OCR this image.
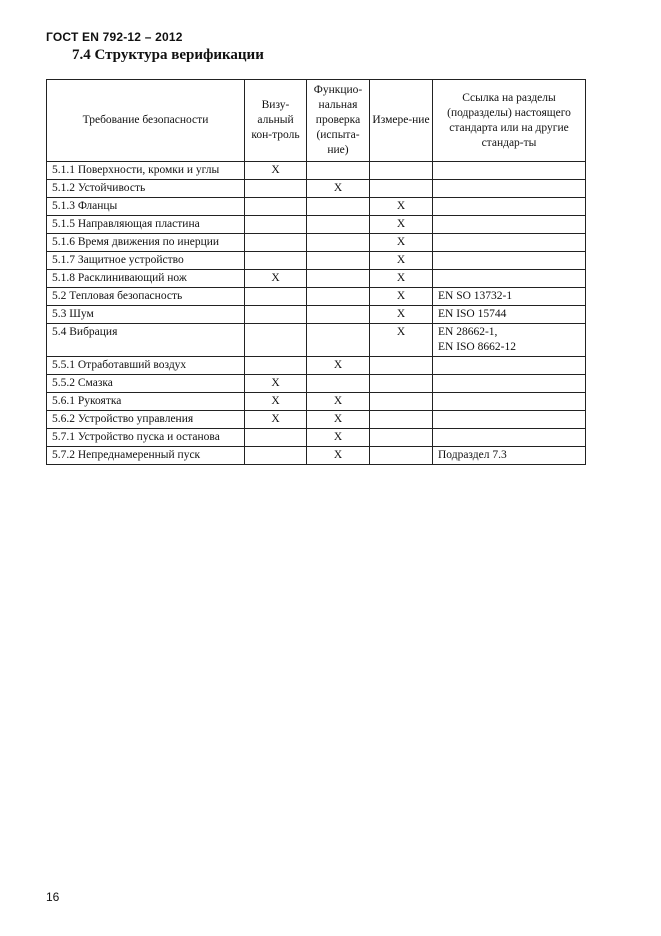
ГОСТ EN 792-12 – 2012
7.4 Структура верификации
Требование безопасности	Визу-альный кон-троль	Функцио-нальная проверка (испыта-ние)	Измере-ние	Ссылка на разделы (подразделы) настоящего стандарта или на другие стандар-ты
5.1.1 Поверхности, кромки и углы	X			
5.1.2 Устойчивость		X		
5.1.3 Фланцы			X	
5.1.5 Направляющая пластина			X	
5.1.6 Время движения по инерции			X	
5.1.7 Защитное устройство			X	
5.1.8 Расклинивающий нож	X		X	
5.2 Тепловая безопасность			X	EN SO 13732-1
5.3 Шум			X	EN ISO 15744
5.4 Вибрация			X	EN 28662-1,
EN ISO 8662-12
5.5.1 Отработавший воздух		X		
5.5.2 Смазка	X			
5.6.1 Рукоятка	X	X		
5.6.2 Устройство управления	X	X		
5.7.1 Устройство пуска и останова		X		
5.7.2 Непреднамеренный пуск		X		Подраздел 7.3
16
